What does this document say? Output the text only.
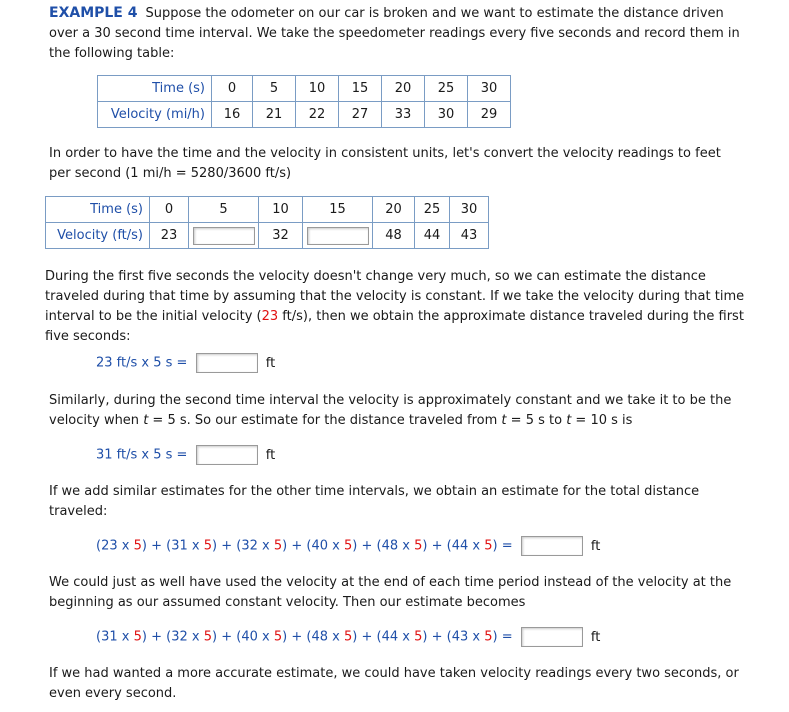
EXAMPLE 4 Suppose the odometer on our car is broken and we want to estimate the distance driven over a 30 second time interval. We take the speedometer readings every five seconds and record them in the following table:
Time (s)	0	5	10	15	20	25	30
Velocity (mi/h)	16	21	22	27	33	30	29
In order to have the time and the velocity in consistent units, let's convert the velocity readings to feet per second (1 mi/h = 5280/3600 ft/s)
Time (s)	0	5	10	15	20	25	30
Velocity (ft/s)	23		32		48	44	43
During the first five seconds the velocity doesn't change very much, so we can estimate the distance traveled during that time by assuming that the velocity is constant. If we take the velocity during that time interval to be the initial velocity (23 ft/s), then we obtain the approximate distance traveled during the first five seconds:
23 ft/s x 5 s =	ft
Similarly, during the second time interval the velocity is approximately constant and we take it to be the
velocity when t = 5 s. So our estimate for the distance traveled from t = 5 s to t = 10 s is
31 ft/s x 5 s =	ft
If we add similar estimates for the other time intervals, we obtain an estimate for the total distance traveled:
(23 x 5) + (31 x 5) + (32 x 5) + (40 x 5) + (48 x 5) + (44 x 5) =	ft
We could just as well have used the velocity at the end of each time period instead of the velocity at the beginning as our assumed constant velocity. Then our estimate becomes
(31 x 5) + (32 x 5) + (40 x 5) + (48 x 5) + (44 x 5) + (43 x 5) =	ft
If we had wanted a more accurate estimate, we could have taken velocity readings every two seconds, or even every second.
